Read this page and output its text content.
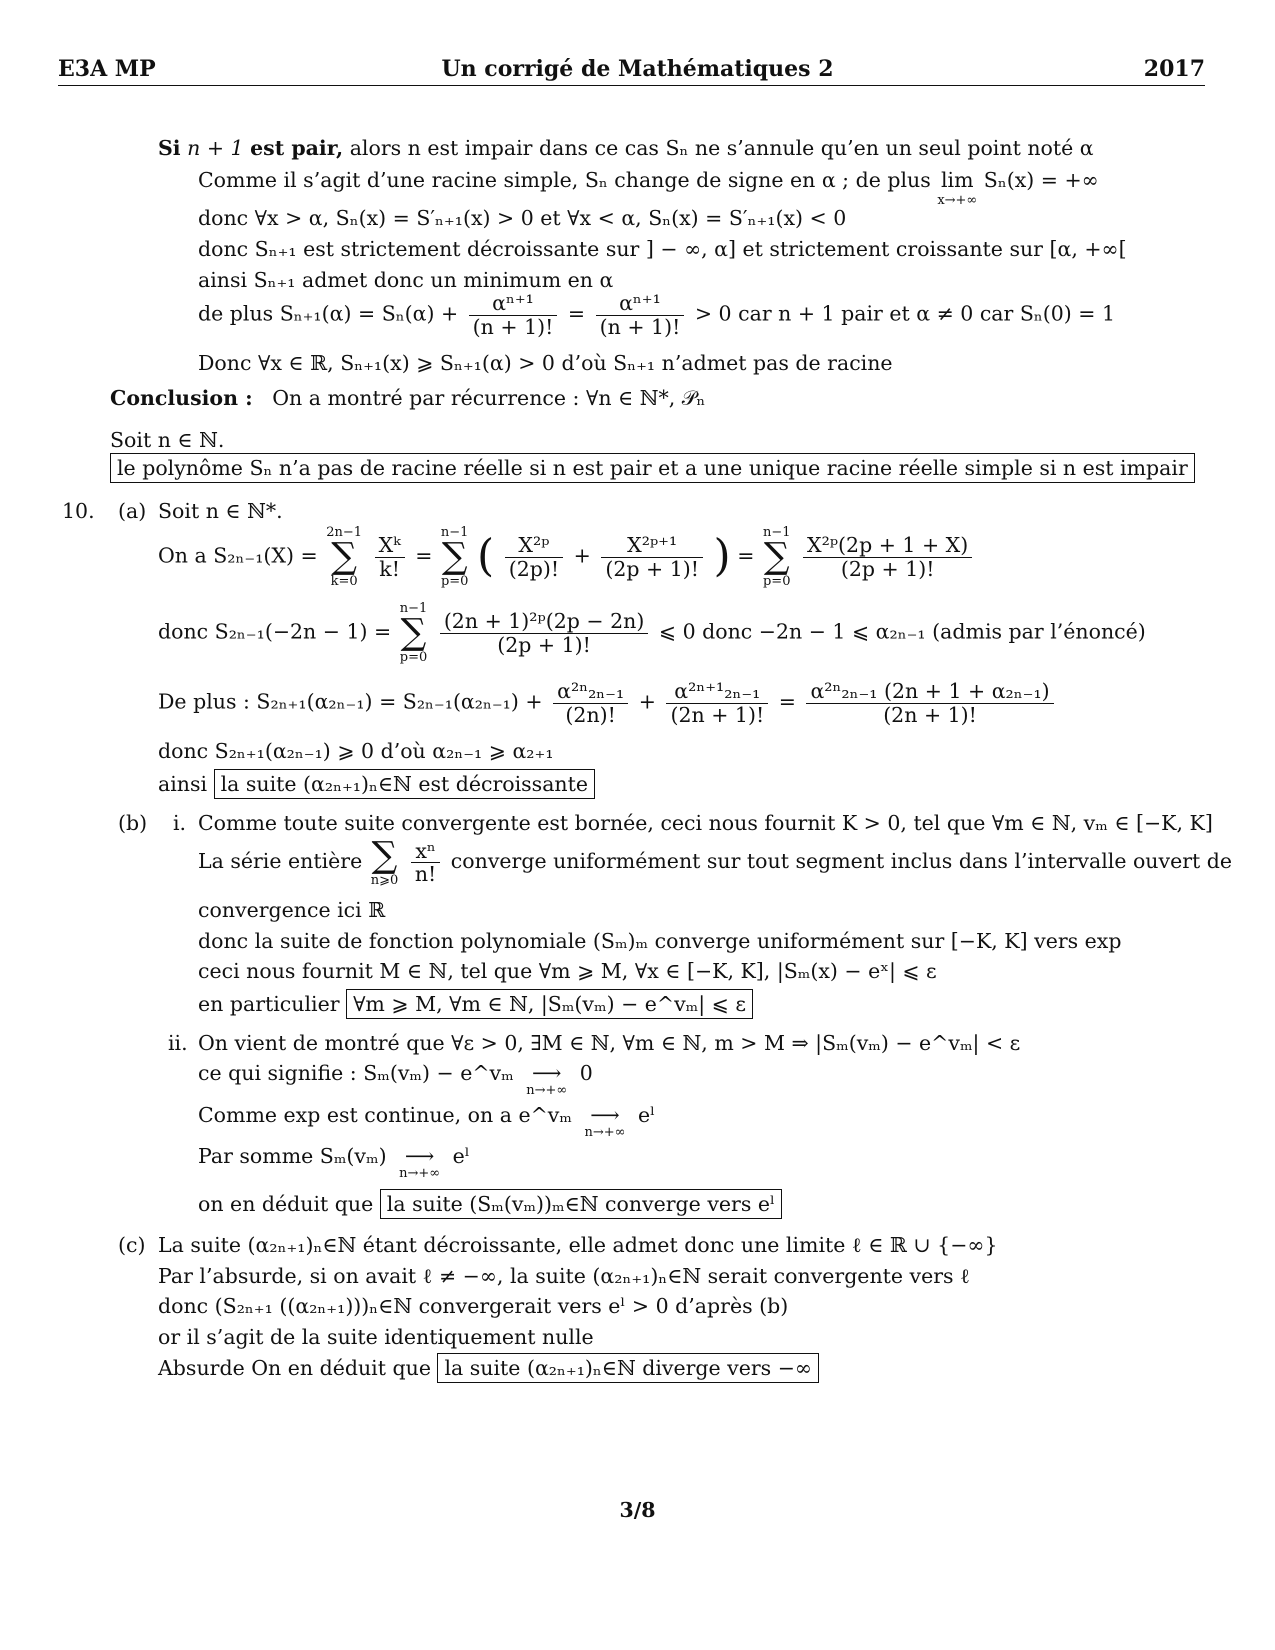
E3A MP	Un corrigé de Mathématiques 2	2017
Si n + 1 est pair, alors n est impair dans ce cas Sₙ ne s’annule qu’en un seul point noté α
Comme il s’agit d’une racine simple, Sₙ change de signe en α ; de plus lim
x→+∞
Sₙ(x) = +∞
donc ∀x > α, Sₙ(x) = S′ₙ₊₁(x) > 0 et ∀x < α, Sₙ(x) = S′ₙ₊₁(x) < 0
donc Sₙ₊₁ est strictement décroissante sur ] − ∞, α] et strictement croissante sur [α, +∞[
ainsi Sₙ₊₁ admet donc un minimum en α
de plus $S_{n+1}(\alpha) = S_n(\alpha) + \frac{\text{αⁿ⁺¹}}{(n + 1)!} = \frac{\text{αⁿ⁺¹}}{(n + 1)!} > 0$ car n + 1 pair et α ≠ 0 car Sₙ(0) = 1
Donc ∀x ∈ ℝ, Sₙ₊₁(x) ⩾ Sₙ₊₁(α) > 0 d’où Sₙ₊₁ n’admet pas de racine
Conclusion : On a montré par récurrence : ∀n ∈ ℕ*, 𝒫ₙ
Soit n ∈ ℕ.
le polynôme Sₙ n’a pas de racine réelle si n est pair et a une unique racine réelle simple si n est impair
10. (a) Soit n ∈ ℕ*.
On a S₂ₙ₋₁(X) =
2n−1
∑
k=0

$\frac{\text{Xᵏ}}{k!}$ =
n−1
∑
p=0 ( $\frac{\text{X²ᵖ}}{(2p)!} + \frac{\text{X²ᵖ⁺¹}}{(2p + 1)!}$ ) =
n−1
∑
p=0

$\frac{\text{X²ᵖ(2p + 1 + X)}}{(2p + 1)!}$
donc S₂ₙ₋₁(−2n − 1) =
n−1
∑
p=0

$\frac{\text{(2n + 1)²ᵖ(2p − 2n)}}{(2p + 1)!}$ ⩽ 0 donc −2n − 1 ⩽ α₂ₙ₋₁ (admis par l’énoncé)
De plus : $S_{2n+1}(\alpha_{2n-1}) = S_{2n-1}(\alpha_{2n-1}) + \frac{\text{α²ⁿ₂ₙ₋₁}}{(2n)!} + \frac{\text{α²ⁿ⁺¹₂ₙ₋₁}}{(2n + 1)!} = \frac{\text{α²ⁿ₂ₙ₋₁ (2n + 1 + α₂ₙ₋₁)}}{(2n + 1)!}$
donc S₂ₙ₊₁(α₂ₙ₋₁) ⩾ 0 d’où α₂ₙ₋₁ ⩾ α₂₊₁
ainsi la suite (α₂ₙ₊₁)ₙ∈ℕ est décroissante
(b) i. Comme toute suite convergente est bornée, ceci nous fournit K > 0, tel que ∀m ∈ ℕ, vₘ ∈ [−K, K]
La série entière ∑
n⩾0
$\frac{\text{xⁿ}}{n!}$ converge uniformément sur tout segment inclus dans l’intervalle ouvert de
convergence ici ℝ
donc la suite de fonction polynomiale (Sₘ)ₘ converge uniformément sur [−K, K] vers exp
ceci nous fournit M ∈ ℕ, tel que ∀m ⩾ M, ∀x ∈ [−K, K], |Sₘ(x) − eˣ| ⩽ ε
en particulier ∀m ⩾ M, ∀m ∈ ℕ, |Sₘ(vₘ) − e^vₘ| ⩽ ε
ii. On vient de montré que ∀ε > 0, ∃M ∈ ℕ, ∀m ∈ ℕ, m > M ⇒ |Sₘ(vₘ) − e^vₘ| < ε
ce qui signifie : Sₘ(vₘ) − e^vₘ ⟶
n→+∞
0
Comme exp est continue, on a e^vₘ ⟶
n→+∞
eˡ
Par somme Sₘ(vₘ) ⟶
n→+∞
eˡ
on en déduit que la suite (Sₘ(vₘ))ₘ∈ℕ converge vers eˡ
(c) La suite (α₂ₙ₊₁)ₙ∈ℕ étant décroissante, elle admet donc une limite ℓ ∈ ℝ ∪ {−∞}
Par l’absurde, si on avait ℓ ≠ −∞, la suite (α₂ₙ₊₁)ₙ∈ℕ serait convergente vers ℓ
donc (S₂ₙ₊₁ ((α₂ₙ₊₁)))ₙ∈ℕ convergerait vers eˡ > 0 d’après (b)
or il s’agit de la suite identiquement nulle
Absurde On en déduit que la suite (α₂ₙ₊₁)ₙ∈ℕ diverge vers −∞
3/8
